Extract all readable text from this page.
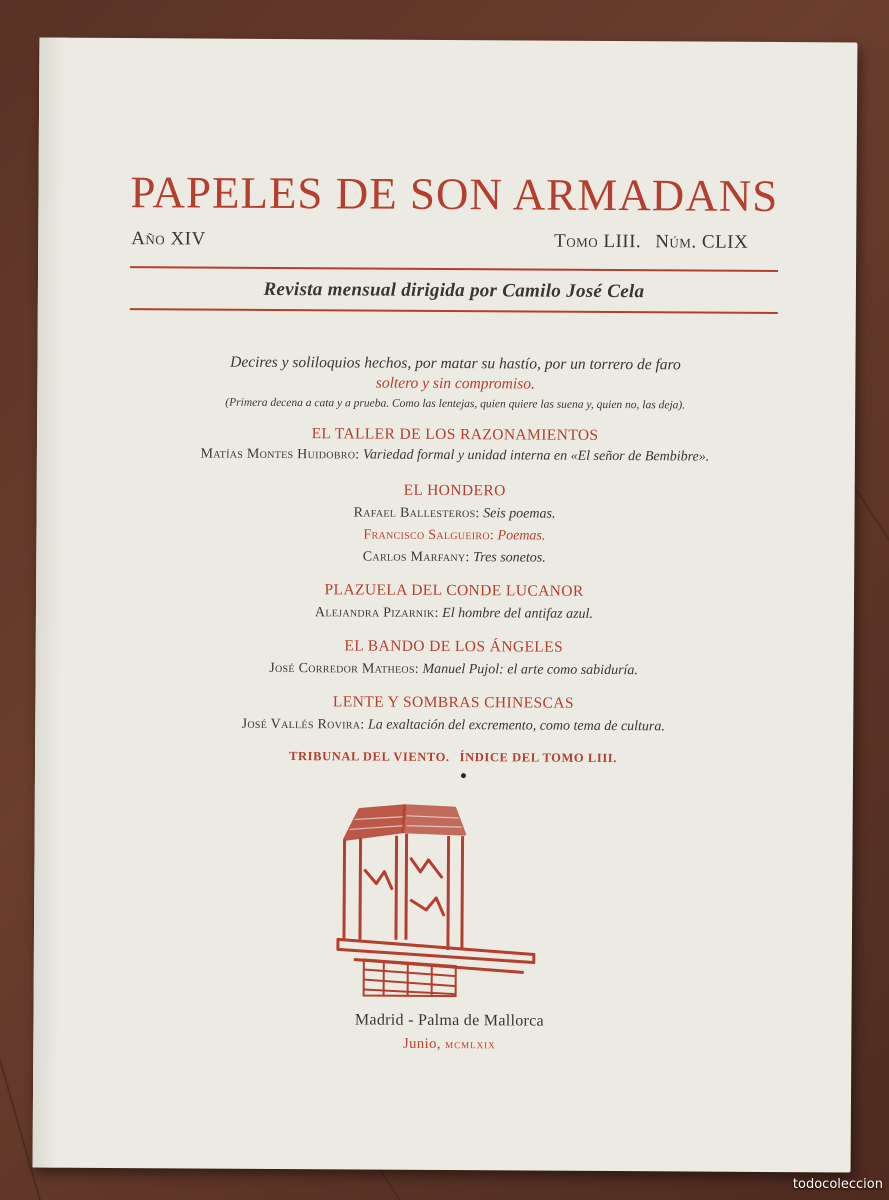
PAPELES DE SON ARMADANS
Año XIV	Tomo LIII. Núm. CLIX
Revista mensual dirigida por Camilo José Cela
Decires y soliloquios hechos, por matar su hastío, por un torrero de faro
soltero y sin compromiso.
(Primera decena a cata y a prueba. Como las lentejas, quien quiere las suena y, quien no, las deja).
EL TALLER DE LOS RAZONAMIENTOS
Matías Montes Huidobro: Variedad formal y unidad interna en «El señor de Bembibre».
EL HONDERO
Rafael Ballesteros: Seis poemas.
Francisco Salgueiro: Poemas.
Carlos Marfany: Tres sonetos.
PLAZUELA DEL CONDE LUCANOR
Alejandra Pizarnik: El hombre del antifaz azul.
EL BANDO DE LOS ÁNGELES
José Corredor Matheos: Manuel Pujol: el arte como sabiduría.
LENTE Y SOMBRAS CHINESCAS
José Vallés Rovira: La exaltación del excremento, como tema de cultura.
TRIBUNAL DEL VIENTO. ÍNDICE DEL TOMO LIII.
Madrid - Palma de Mallorca
Junio, mcmlxix
todocoleccion
